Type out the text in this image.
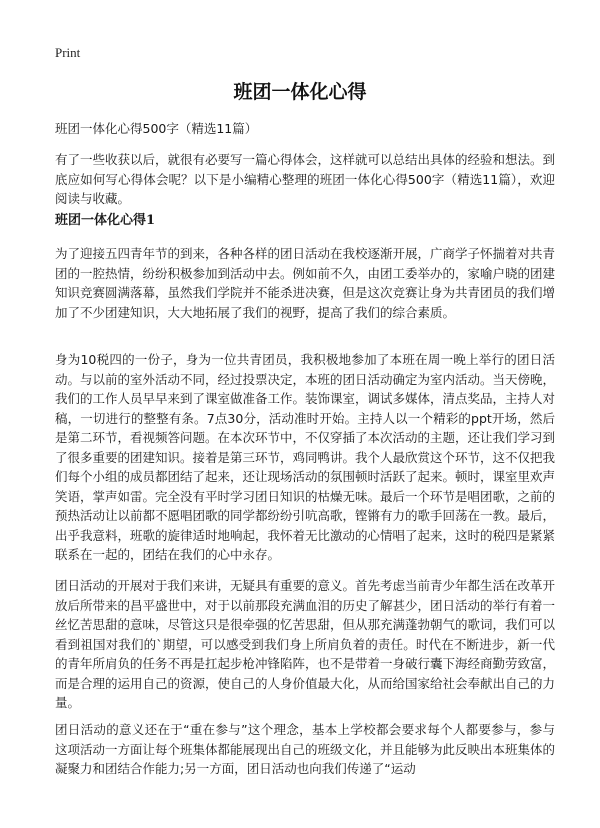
Print
班团一体化心得
班团一体化心得500字（精选11篇）

有了一些收获以后，就很有必要写一篇心得体会，这样就可以总结出具体的经验和想法。到底应如何写心得体会呢？以下是小编精心整理的班团一体化心得500字（精选11篇），欢迎阅读与收藏。

班团一体化心得1

为了迎接五四青年节的到来，各种各样的团日活动在我校逐渐开展，广商学子怀揣着对共青团的一腔热情，纷纷积极参加到活动中去。例如前不久，由团工委举办的，家喻户晓的团建知识竞赛圆满落幕，虽然我们学院并不能杀进决赛，但是这次竞赛让身为共青团员的我们增加了不少团建知识，大大地拓展了我们的视野，提高了我们的综合素质。

身为10税四的一份子，身为一位共青团员，我积极地参加了本班在周一晚上举行的团日活动。与以前的室外活动不同，经过投票决定，本班的团日活动确定为室内活动。当天傍晚，我们的工作人员早早来到了课室做准备工作。装饰课室，调试多媒体，清点奖品，主持人对稿，一切进行的整整有条。7点30分，活动准时开始。主持人以一个精彩的ppt开场，然后是第二环节，看视频答问题。在本次环节中，不仅穿插了本次活动的主题，还让我们学习到了很多重要的团建知识。接着是第三环节，鸡同鸭讲。我个人最欣赏这个环节，这不仅把我们每个小组的成员都团结了起来，还让现场活动的氛围顿时活跃了起来。顿时，课室里欢声笑语，掌声如雷。完全没有平时学习团日知识的枯燥无味。最后一个环节是唱团歌，之前的预热活动让以前都不愿唱团歌的同学都纷纷引吭高歌，铿锵有力的歌手回荡在一教。最后，出乎我意料，班歌的旋律适时地响起，我怀着无比激动的心情唱了起来，这时的税四是紧紧联系在一起的，团结在我们的心中永存。

团日活动的开展对于我们来讲，无疑具有重要的意义。首先考虑当前青少年都生活在改革开放后所带来的昌平盛世中，对于以前那段充满血泪的历史了解甚少，团日活动的举行有着一丝忆苦思甜的意味，尽管这只是很牵强的忆苦思甜，但从那充满蓬勃朝气的歌词，我们可以看到祖国对我们的`期望，可以感受到我们身上所肩负着的责任。时代在不断进步，新一代的青年所肩负的任务不再是扛起步枪冲锋陷阵，也不是带着一身破行囊下海经商勤劳致富，而是合理的运用自己的资源，使自己的人身价值最大化，从而给国家给社会奉献出自己的力量。

团日活动的意义还在于“重在参与”这个理念，基本上学校都会要求每个人都要参与，参与这项活动一方面让每个班集体都能展现出自己的班级文化，并且能够为此反映出本班集体的凝聚力和团结合作能力;另一方面，团日活动也向我们传递了“运动
